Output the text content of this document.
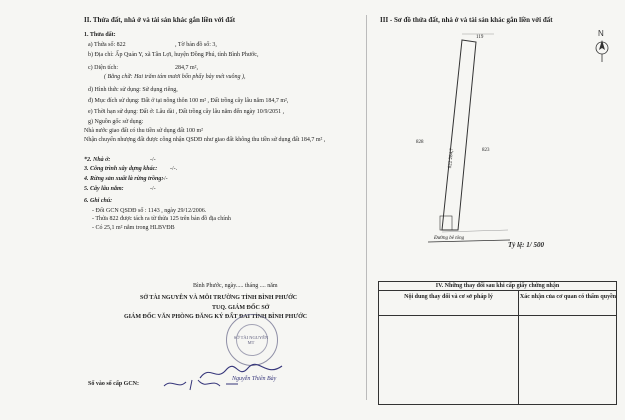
II. Thửa đất, nhà ở và tài sản khác gắn liền với đất
1. Thửa đất:
a) Thửa số: 822	, Tờ bản đồ số: 3,
b) Địa chỉ: Ấp Quản Y, xã Tân Lợi, huyện Đồng Phú, tỉnh Bình Phước,
c) Diện tích:	284,7 m²,
( Bằng chữ: Hai trăm tám mươi bốn phẩy bảy mét vuông ),
d) Hình thức sử dụng: Sử dụng riêng,
đ) Mục đích sử dụng: Đất ở tại nông thôn 100 m² , Đất trồng cây lâu năm 184,7 m²,
e) Thời hạn sử dụng: Đất ở: Lâu dài , Đất trồng cây lâu năm đến ngày 10/9/2051 ,
g) Nguồn gốc sử dụng:
Nhà nước giao đất có thu tiền sử dụng đất 100 m²
Nhận chuyển nhượng đất được công nhận QSDĐ như giao đất không thu tiền sử dụng đất 184,7 m² ,
*2. Nhà ở:	-/-
3. Công trình xây dựng khác: -/-.
4. Rừng sản xuất là rừng trồng:
-/-
5. Cây lâu năm:	-/-
6. Ghi chú:
- Đổi GCN QSDĐ số : 1143 , ngày 29/12/2006.
- Thửa 822 được tách ra từ thửa 125 trên bản đồ địa chính
- Có 25,1 m² nằm trong HLBVĐB
Bình Phước, ngày..... tháng .... năm
SỞ TÀI NGUYÊN VÀ MÔI TRƯỜNG TỈNH BÌNH PHƯỚC
TUQ. GIÁM ĐỐC SỞ
GIÁM ĐỐC VĂN PHÒNG ĐĂNG KÝ ĐẤT ĐAI TỈNH BÌNH PHƯỚC
SỞ TÀI NGUYÊN MT
Nguyễn Thiên Bảy
Số vào sổ cấp GCN:
III - Sơ đồ thửa đất, nhà ở và tài sản khác gắn liền với đất
N
119
828
823
822 284,7
Đường bê tông
Tỷ lệ: 1/ 500
IV. Những thay đổi sau khi cấp giấy chứng nhận
Nội dung thay đổi và cơ sở pháp lý	Xác nhận của cơ quan có thẩm quyền
